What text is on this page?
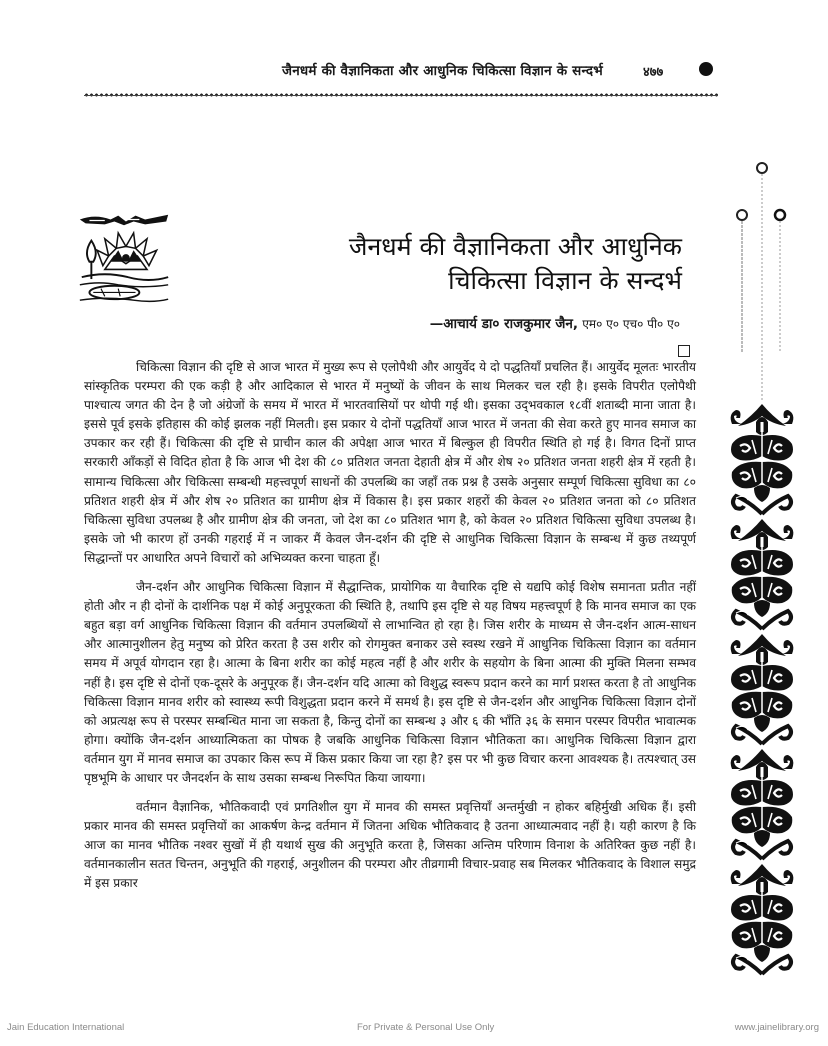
जैनधर्म की वैज्ञानिकता और आधुनिक चिकित्सा विज्ञान के सन्दर्भ	४७७
जैनधर्म की वैज्ञानिकता और आधुनिक
चिकित्सा विज्ञान के सन्दर्भ
—आचार्य डा० राजकुमार जैन, एम० ए० एच० पी० ए०

चिकित्सा विज्ञान की दृष्टि से आज भारत में मुख्य रूप से एलोपैथी और आयुर्वेद ये दो पद्धतियाँ प्रचलित हैं। आयुर्वेद मूलतः भारतीय सांस्कृतिक परम्परा की एक कड़ी है और आदिकाल से भारत में मनुष्यों के जीवन के साथ मिलकर चल रही है। इसके विपरीत एलोपैथी पाश्चात्य जगत की देन है जो अंग्रेजों के समय में भारत में भारतवासियों पर थोपी गई थी। इसका उद्‌भवकाल १८वीं शताब्दी माना जाता है। इससे पूर्व इसके इतिहास की कोई झलक नहीं मिलती। इस प्रकार ये दोनों पद्धतियाँ आज भारत में जनता की सेवा करते हुए मानव समाज का उपकार कर रही हैं। चिकित्सा की दृष्टि से प्राचीन काल की अपेक्षा आज भारत में बिल्कुल ही विपरीत स्थिति हो गई है। विगत दिनों प्राप्त सरकारी आँकड़ों से विदित होता है कि आज भी देश की ८० प्रतिशत जनता देहाती क्षेत्र में और शेष २० प्रतिशत जनता शहरी क्षेत्र में रहती है। सामान्य चिकित्सा और चिकित्सा सम्बन्धी महत्त्वपूर्ण साधनों की उपलब्धि का जहाँ तक प्रश्न है उसके अनुसार सम्पूर्ण चिकित्सा सुविधा का ८० प्रतिशत शहरी क्षेत्र में और शेष २० प्रतिशत का ग्रामीण क्षेत्र में विकास है। इस प्रकार शहरों की केवल २० प्रतिशत जनता को ८० प्रतिशत चिकित्सा सुविधा उपलब्ध है और ग्रामीण क्षेत्र की जनता, जो देश का ८० प्रतिशत भाग है, को केवल २० प्रतिशत चिकित्सा सुविधा उपलब्ध है। इसके जो भी कारण हों उनकी गहराई में न जाकर मैं केवल जैन-दर्शन की दृष्टि से आधुनिक चिकित्सा विज्ञान के सम्बन्ध में कुछ तथ्यपूर्ण सिद्धान्तों पर आधारित अपने विचारों को अभिव्यक्त करना चाहता हूँ।

जैन-दर्शन और आधुनिक चिकित्सा विज्ञान में सैद्धान्तिक, प्रायोगिक या वैचारिक दृष्टि से यद्यपि कोई विशेष समानता प्रतीत नहीं होती और न ही दोनों के दार्शनिक पक्ष में कोई अनुपूरकता की स्थिति है, तथापि इस दृष्टि से यह विषय महत्त्वपूर्ण है कि मानव समाज का एक बहुत बड़ा वर्ग आधुनिक चिकित्सा विज्ञान की वर्तमान उपलब्धियों से लाभान्वित हो रहा है। जिस शरीर के माध्यम से जैन-दर्शन आत्म-साधन और आत्मानुशीलन हेतु मनुष्य को प्रेरित करता है उस शरीर को रोगमुक्त बनाकर उसे स्वस्थ रखने में आधुनिक चिकित्सा विज्ञान का वर्तमान समय में अपूर्व योगदान रहा है। आत्मा के बिना शरीर का कोई महत्व नहीं है और शरीर के सहयोग के बिना आत्मा की मुक्ति मिलना सम्भव नहीं है। इस दृष्टि से दोनों एक-दूसरे के अनुपूरक हैं। जैन-दर्शन यदि आत्मा को विशुद्ध स्वरूप प्रदान करने का मार्ग प्रशस्त करता है तो आधुनिक चिकित्सा विज्ञान मानव शरीर को स्वास्थ्य रूपी विशुद्धता प्रदान करने में समर्थ है। इस दृष्टि से जैन-दर्शन और आधुनिक चिकित्सा विज्ञान दोनों को अप्रत्यक्ष रूप से परस्पर सम्बन्धित माना जा सकता है, किन्तु दोनों का सम्बन्ध ३ और ६ की भाँति ३६ के समान परस्पर विपरीत भावात्मक होगा। क्योंकि जैन-दर्शन आध्यात्मिकता का पोषक है जबकि आधुनिक चिकित्सा विज्ञान भौतिकता का। आधुनिक चिकित्सा विज्ञान द्वारा वर्तमान युग में मानव समाज का उपकार किस रूप में किस प्रकार किया जा रहा है? इस पर भी कुछ विचार करना आवश्यक है। तत्पश्चात् उस पृष्ठभूमि के आधार पर जैनदर्शन के साथ उसका सम्बन्ध निरूपित किया जायगा।

वर्तमान वैज्ञानिक, भौतिकवादी एवं प्रगतिशील युग में मानव की समस्त प्रवृत्तियाँ अन्तर्मुखी न होकर बहिर्मुखी अधिक हैं। इसी प्रकार मानव की समस्त प्रवृत्तियों का आकर्षण केन्द्र वर्तमान में जितना अधिक भौतिकवाद है उतना आध्यात्मवाद नहीं है। यही कारण है कि आज का मानव भौतिक नश्वर सुखों में ही यथार्थ सुख की अनुभूति करता है, जिसका अन्तिम परिणाम विनाश के अतिरिक्त कुछ नहीं है। वर्तमानकालीन सतत चिन्तन, अनुभूति की गहराई, अनुशीलन की परम्परा और तीव्रगामी विचार-प्रवाह सब मिलकर भौतिकवाद के विशाल समुद्र में इस प्रकार

Jain Education International	For Private & Personal Use Only	www.jainelibrary.org
